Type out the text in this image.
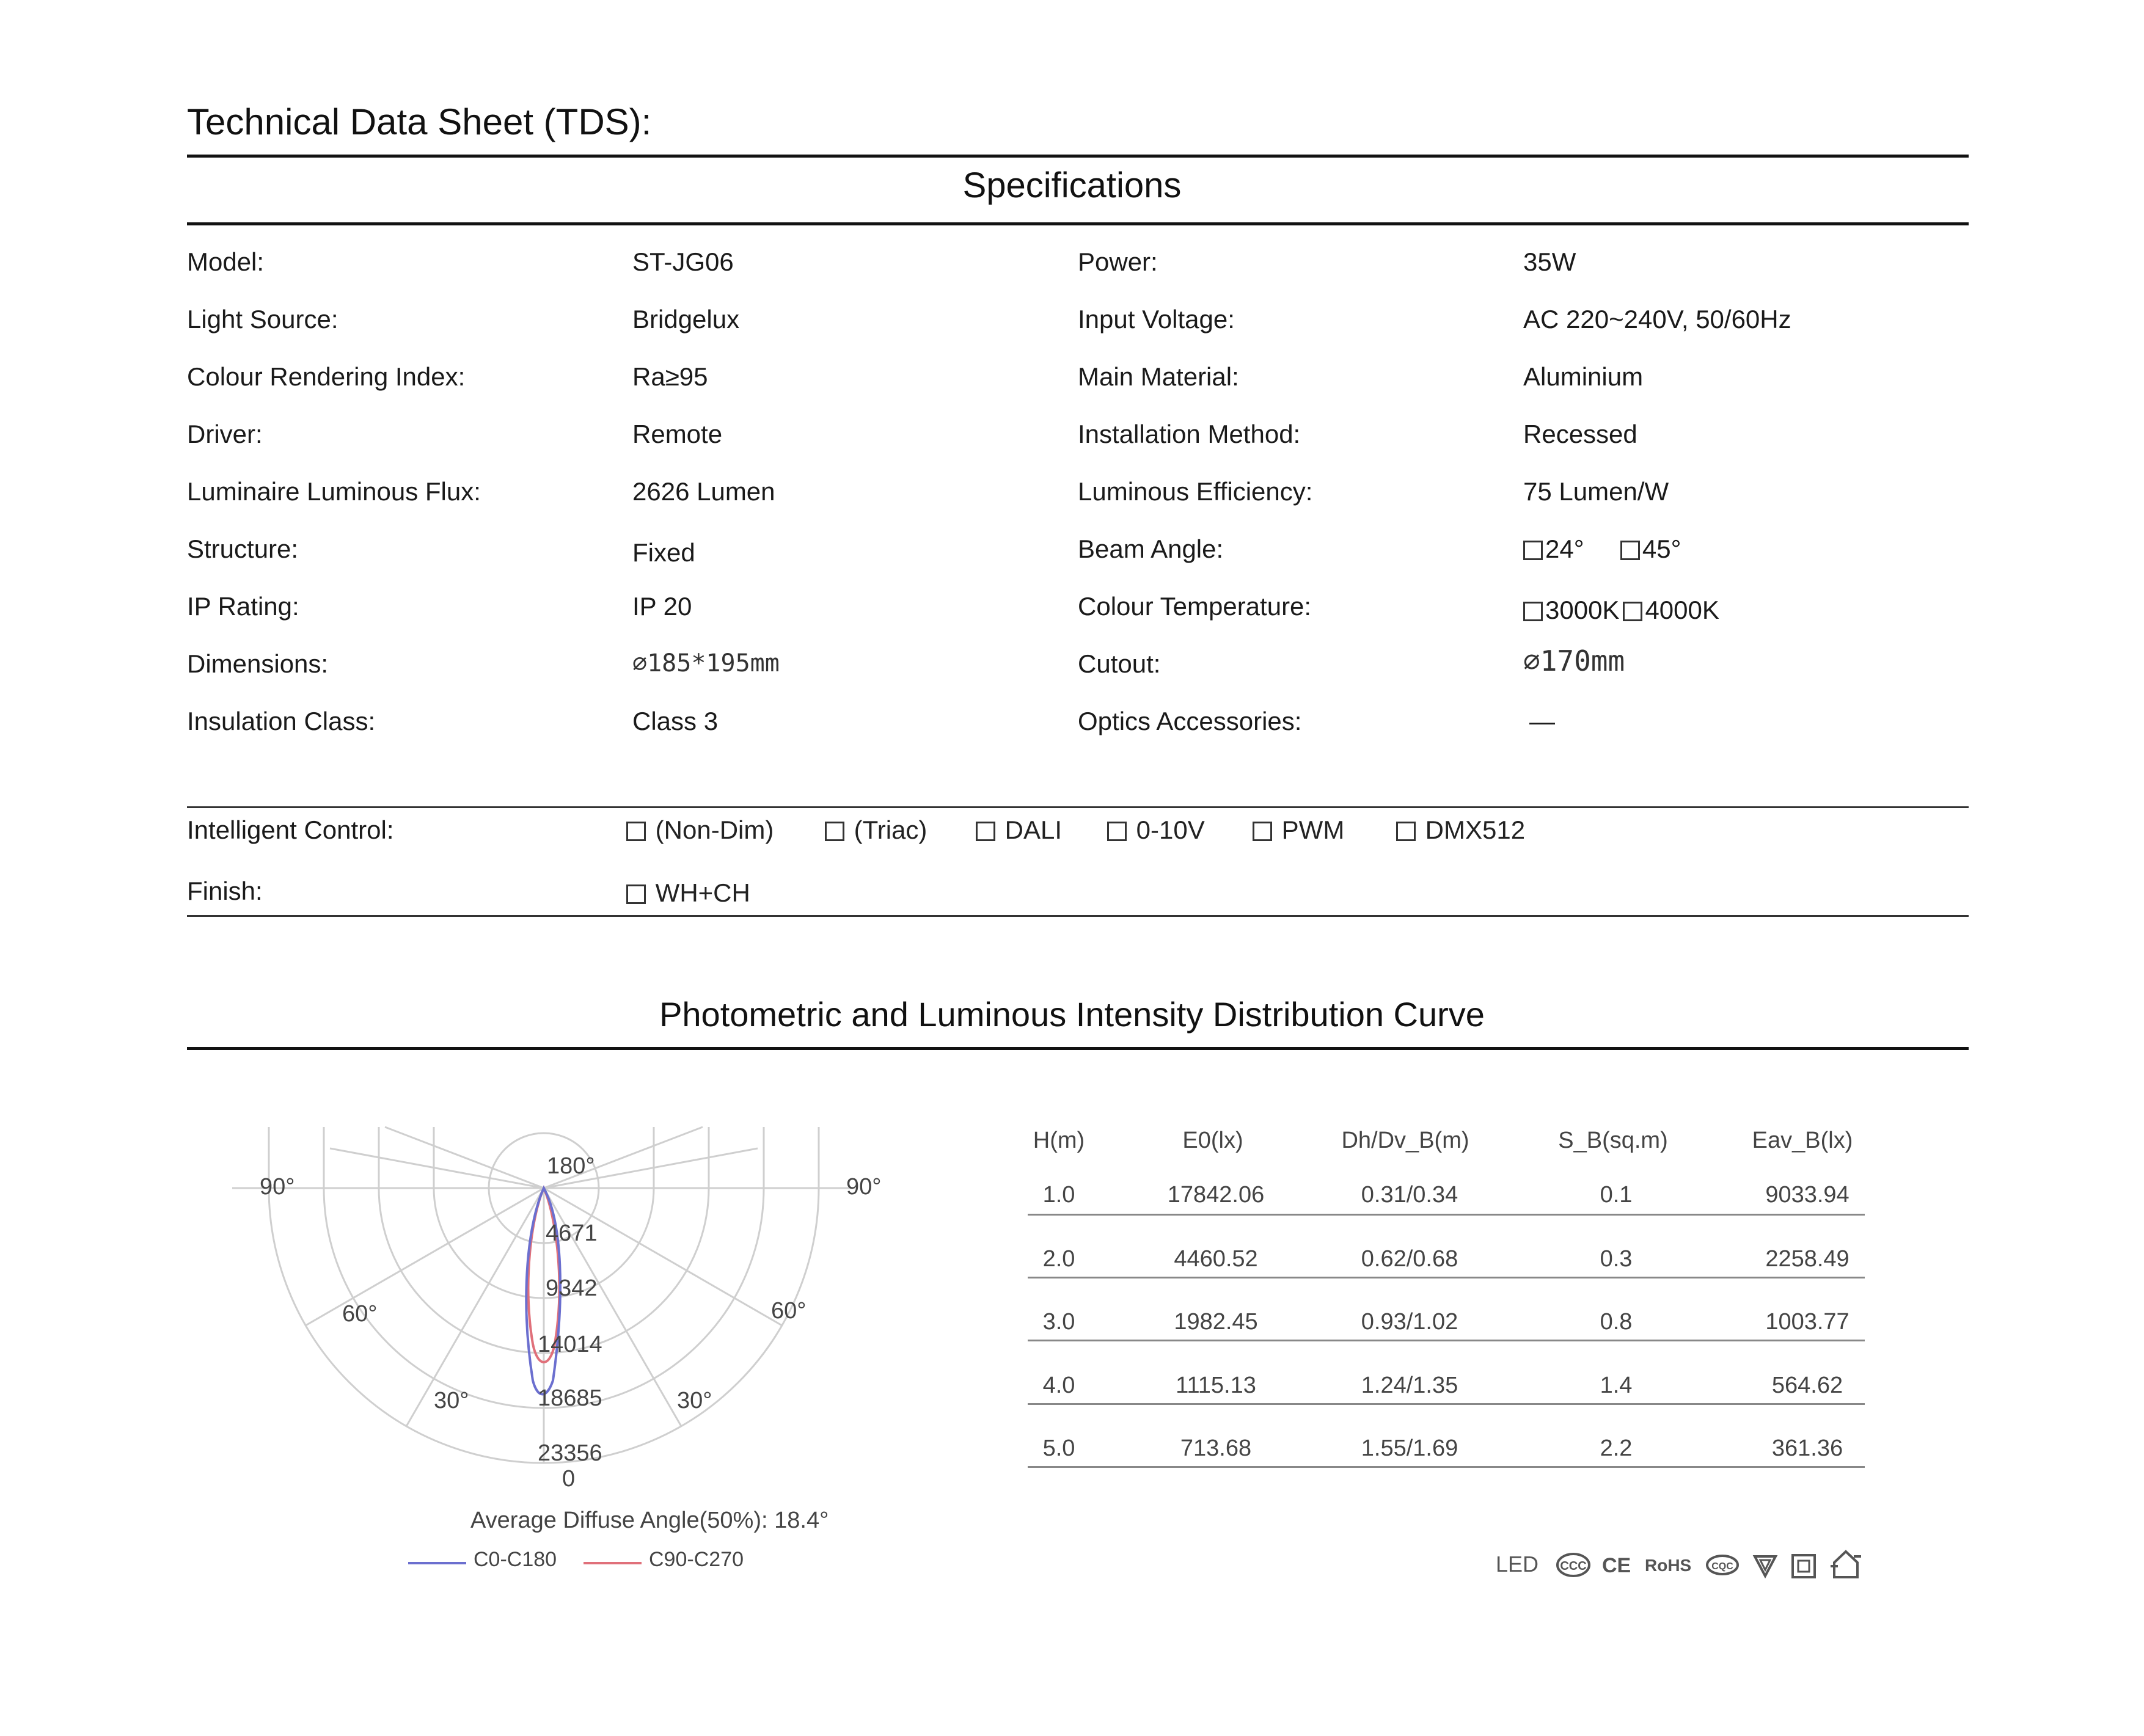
Technical Data Sheet (TDS):
Specifications
Model:	ST-JG06	Power:	35W
Light Source:	Bridgelux	Input Voltage:	AC 220~240V, 50/60Hz
Colour Rendering Index:	Ra≥95	Main Material:	Aluminium
Driver:	Remote	Installation Method:	Recessed
Luminaire Luminous Flux:	2626 Lumen	Luminous Efficiency:	75 Lumen/W
Structure:	Fixed	Beam Angle:	24° 45°
IP Rating:	IP 20	Colour Temperature:	3000K 4000K
Dimensions:	∅185*195mm	Cutout:	∅170mm
Insulation Class:	Class 3	Optics Accessories:	—
Intelligent Control:	(Non-Dim)	(Triac)	DALI	0-10V	PWM	DMX512
Finish:	WH+CH
Photometric and Luminous Intensity Distribution Curve
180°
90°	90°
60°	60°
30°	30°
0
4671
9342
14014
18685
23356
Average Diffuse Angle(50%): 18.4°
C0-C180	C90-C270
H(m)	E0(lx)	Dh/Dv_B(m)	S_B(sq.m)	Eav_B(lx)
1.0	17842.06	0.31/0.34	0.1	9033.94
2.0	4460.52	0.62/0.68	0.3	2258.49
3.0	1982.45	0.93/1.02	0.8	1003.77
4.0	1115.13	1.24/1.35	1.4	564.62
5.0	713.68	1.55/1.69	2.2	361.36
LED CCC CE RoHS CQC
